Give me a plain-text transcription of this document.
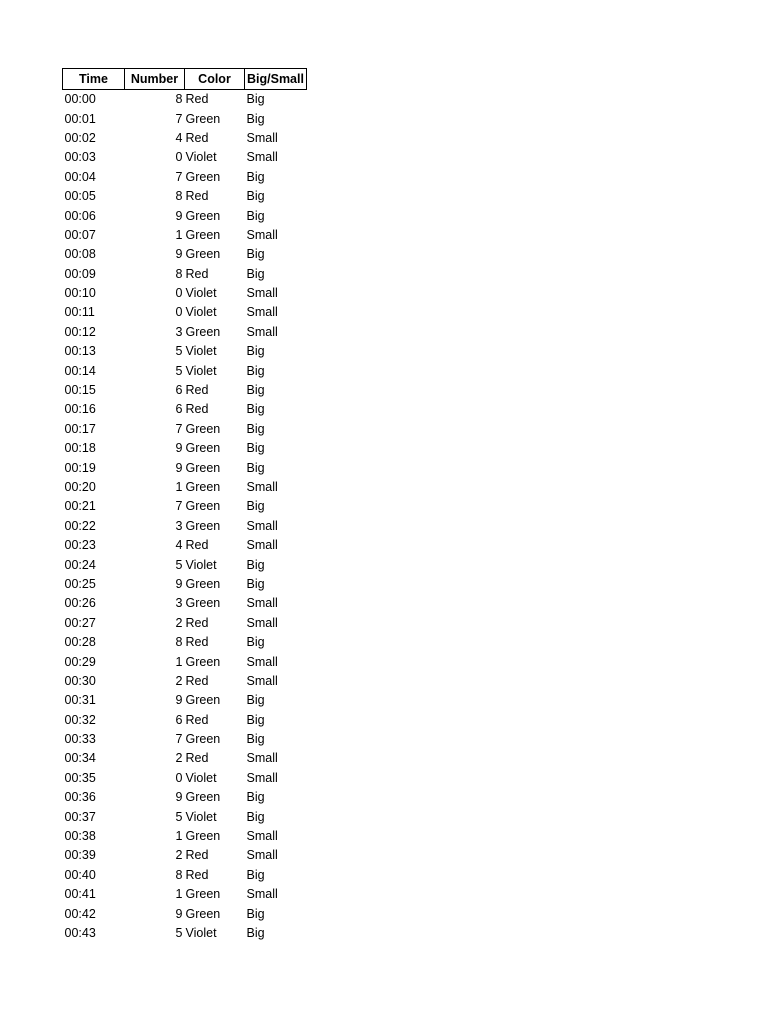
Time	Number	Color	Big/Small
00:00	8	Red	Big
00:01	7	Green	Big
00:02	4	Red	Small
00:03	0	Violet	Small
00:04	7	Green	Big
00:05	8	Red	Big
00:06	9	Green	Big
00:07	1	Green	Small
00:08	9	Green	Big
00:09	8	Red	Big
00:10	0	Violet	Small
00:11	0	Violet	Small
00:12	3	Green	Small
00:13	5	Violet	Big
00:14	5	Violet	Big
00:15	6	Red	Big
00:16	6	Red	Big
00:17	7	Green	Big
00:18	9	Green	Big
00:19	9	Green	Big
00:20	1	Green	Small
00:21	7	Green	Big
00:22	3	Green	Small
00:23	4	Red	Small
00:24	5	Violet	Big
00:25	9	Green	Big
00:26	3	Green	Small
00:27	2	Red	Small
00:28	8	Red	Big
00:29	1	Green	Small
00:30	2	Red	Small
00:31	9	Green	Big
00:32	6	Red	Big
00:33	7	Green	Big
00:34	2	Red	Small
00:35	0	Violet	Small
00:36	9	Green	Big
00:37	5	Violet	Big
00:38	1	Green	Small
00:39	2	Red	Small
00:40	8	Red	Big
00:41	1	Green	Small
00:42	9	Green	Big
00:43	5	Violet	Big
